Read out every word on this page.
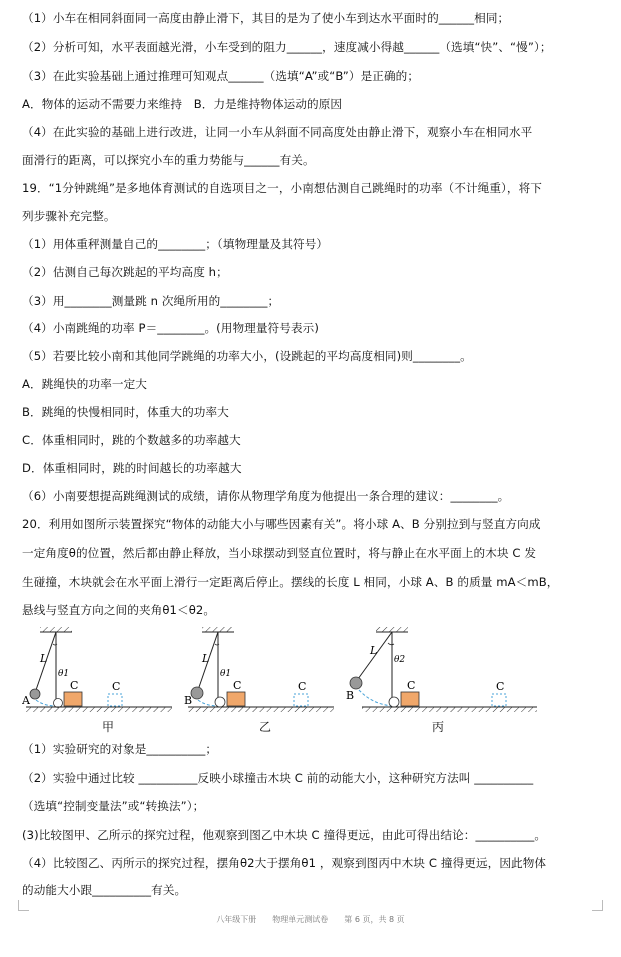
（1）小车在相同斜面同一高度由静止滑下，其目的是为了使小车到达水平面时的______相同；
（2）分析可知，水平表面越光滑，小车受到的阻力______，速度减小得越______（选填“快”、“慢”）；
（3）在此实验基础上通过推理可知观点______（选填“A”或“B”）是正确的；
A．物体的运动不需要力来维持　B．力是维持物体运动的原因
（4）在此实验的基础上进行改进，让同一小车从斜面不同高度处由静止滑下，观察小车在相同水平
面滑行的距离，可以探究小车的重力势能与______有关。
19．“1分钟跳绳”是多地体育测试的自选项目之一，小南想估测自己跳绳时的功率（不计绳重），将下
列步骤补充完整。
（1）用体重秤测量自己的________；（填物理量及其符号）
（2）估测自己每次跳起的平均高度 h；
（3）用________测量跳 n 次绳所用的________；
（4）小南跳绳的功率 P＝________。(用物理量符号表示)
（5）若要比较小南和其他同学跳绳的功率大小，(设跳起的平均高度相同)则________。
A．跳绳快的功率一定大
B．跳绳的快慢相同时，体重大的功率大
C．体重相同时，跳的个数越多的功率越大
D．体重相同时，跳的时间越长的功率越大
（6）小南要想提高跳绳测试的成绩，请你从物理学角度为他提出一条合理的建议：________。
20．利用如图所示装置探究“物体的动能大小与哪些因素有关”。将小球 A、B 分别拉到与竖直方向成
一定角度θ的位置，然后都由静止释放，当小球摆动到竖直位置时，将与静止在水平面上的木块 C 发
生碰撞，木块就会在水平面上滑行一定距离后停止。摆线的长度 L 相同，小球 A、B 的质量 mA＜mB，
悬线与竖直方向之间的夹角θ1＜θ2。
（1）实验研究的对象是__________；
（2）实验中通过比较 __________反映小球撞击木块 C 前的动能大小，这种研究方法叫 __________
（选填“控制变量法”或“转换法”）；
(3)比较图甲、乙所示的探究过程，他观察到图乙中木块 C 撞得更远，由此可得出结论：__________。
（4）比较图乙、丙所示的探究过程，摆角θ2大于摆角θ1 ，观察到图丙中木块 C 撞得更远，因此物体
的动能大小跟__________有关。
L
θ1
A
C	C
L
θ1
B
C	C
L
θ2
B
C	C
甲	乙	丙
八年级下册　　物理单元测试卷　　第 6 页，共 8 页
